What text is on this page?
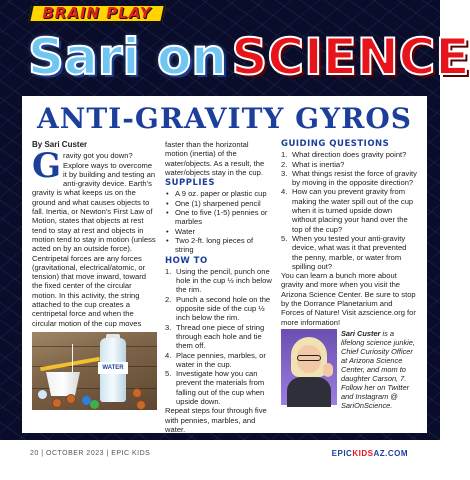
BRAIN PLAY
Sari on SCIENCE
ANTI-GRAVITY GYROS
By Sari Custer

Gravity got you down? Explore ways to overcome it by building and testing an anti-gravity device. Earth's gravity is what keeps us on the ground and what causes objects to fall. Inertia, or Newton's First Law of Motion, states that objects at rest tend to stay at rest and objects in motion tend to stay in motion (unless acted on by an outside force). Centripetal forces are any forces (gravitational, electrical/atomic, or tension) that move inward, toward the fixed center of the circular motion. In this activity, the string attached to the cup creates a centripetal force and when the circular motion of the cup moves

WATER

faster than the horizontal motion (inertia) of the water/objects. As a result, the water/objects stay in the cup.

SUPPLIES
• A 9 oz. paper or plastic cup
• One (1) sharpened pencil
• One to five (1-5) pennies or marbles
• Water
• Two 2-ft. long pieces of string
HOW TO
1. Using the pencil, punch one hole in the cup ½ inch below the rim.
2. Punch a second hole on the opposite side of the cup ½ inch below the rim.
3. Thread one piece of string through each hole and tie them off.
4. Place pennies, marbles, or water in the cup.
5. Investigate how you can prevent the materials from falling out of the cup when upside down.

Repeat steps four through five with pennies, marbles, and water.

GUIDING QUESTIONS
1. What direction does gravity point?
2. What is inertia?
3. What things resist the force of gravity by moving in the opposite direction?
4. How can you prevent gravity from making the water spill out of the cup when it is turned upside down without placing your hand over the top of the cup?
5. When you tested your anti-gravity device, what was it that prevented the penny, marble, or water from spilling out?

You can learn a bunch more about gravity and more when you visit the Arizona Science Center. Be sure to stop by the Dorrance Planetarium and Forces of Nature! Visit azscience.org for more information!

Sari Custer is a lifelong science junkie, Chief Curiosity Officer at Arizona Science Center, and mom to daughter Carson, 7. Follow her on Twitter and Instagram @ SariOnScience.

20 | OCTOBER 2023 | EPIC KIDS	EPICKIDSAZ.COM
